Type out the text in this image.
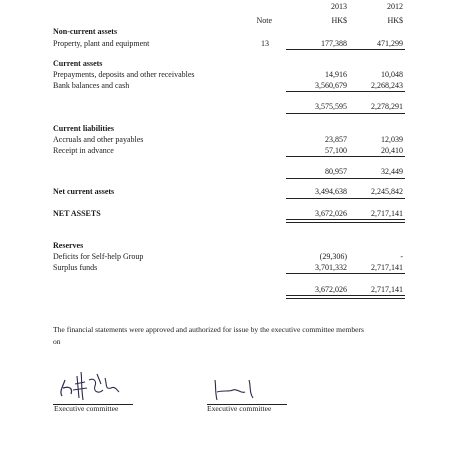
Note
2013
HK$
2012
HK$
Non-current assets
Property, plant and equipment	13	177,388	471,299
Current assets
Prepayments, deposits and other receivables	14,916	10,048
Bank balances and cash	3,560,679	2,268,243
3,575,595	2,278,291
Current liabilities
Accruals and other payables	23,857	12,039
Receipt in advance	57,100	20,410
80,957	32,449
Net current assets	3,494,638	2,245,842
NET ASSETS	3,672,026	2,717,141
Reserves
Deficits for Self-help Group	(29,306)	-
Surplus funds	3,701,332	2,717,141
3,672,026	2,717,141
The financial statements were approved and authorized for issue by the executive committee members
on
Executive committee	Executive committee
